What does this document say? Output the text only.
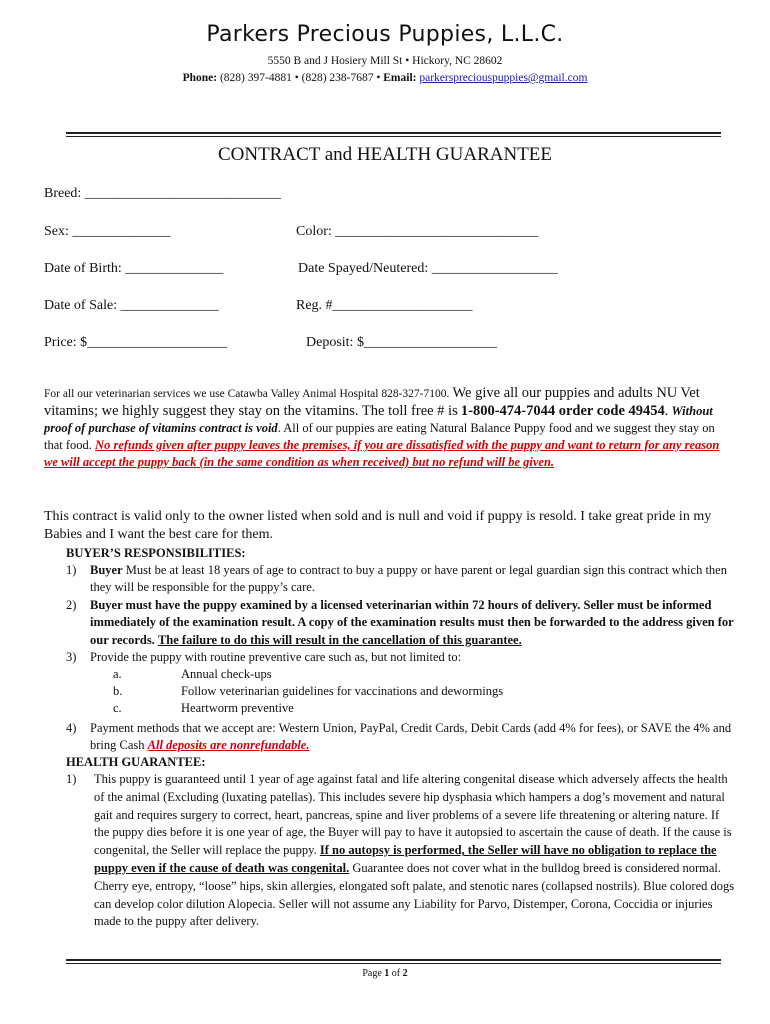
Parkers Precious Puppies, L.L.C.
5550 B and J Hosiery Mill St • Hickory, NC 28602
Phone: (828) 397-4881 • (828) 238-7687 • Email: parkerspreciouspuppies@gmail.com
CONTRACT and HEALTH GUARANTEE
Breed: ____________________________
Sex: ______________	Color: _____________________________
Date of Birth: ______________	Date Spayed/Neutered: __________________
Date of Sale: ______________	Reg. #____________________
Price: $____________________	Deposit: $___________________
For all our veterinarian services we use Catawba Valley Animal Hospital 828-327-7100. We give all our puppies and adults NU Vet vitamins; we highly suggest they stay on the vitamins. The toll free # is 1-800-474-7044 order code 49454. Without proof of purchase of vitamins contract is void. All of our puppies are eating Natural Balance Puppy food and we suggest they stay on that food. No refunds given after puppy leaves the premises, if you are dissatisfied with the puppy and want to return for any reason we will accept the puppy back (in the same condition as when received) but no refund will be given.
This contract is valid only to the owner listed when sold and is null and void if puppy is resold. I take great pride in my Babies and I want the best care for them.
BUYER’S RESPONSIBILITIES:
1) Buyer Must be at least 18 years of age to contract to buy a puppy or have parent or legal guardian sign this contract which then they will be responsible for the puppy’s care.
2) Buyer must have the puppy examined by a licensed veterinarian within 72 hours of delivery. Seller must be informed immediately of the examination result. A copy of the examination results must then be forwarded to the address given for our records. The failure to do this will result in the cancellation of this guarantee.
3) Provide the puppy with routine preventive care such as, but not limited to:
a.	Annual check-ups
b.	Follow veterinarian guidelines for vaccinations and dewormings
c.	Heartworm preventive
4) Payment methods that we accept are: Western Union, PayPal, Credit Cards, Debit Cards (add 4% for fees), or SAVE the 4% and bring Cash All deposits are nonrefundable.
HEALTH GUARANTEE:
1) This puppy is guaranteed until 1 year of age against fatal and life altering congenital disease which adversely affects the health of the animal (Excluding (luxating patellas). This includes severe hip dysphasia which hampers a dog’s movement and natural gait and requires surgery to correct, heart, pancreas, spine and liver problems of a severe life threatening or altering nature. If the puppy dies before it is one year of age, the Buyer will pay to have it autopsied to ascertain the cause of death. If the cause is congenital, the Seller will replace the puppy. If no autopsy is performed, the Seller will have no obligation to replace the puppy even if the cause of death was congenital. Guarantee does not cover what in the bulldog breed is considered normal. Cherry eye, entropy, “loose” hips, skin allergies, elongated soft palate, and stenotic nares (collapsed nostrils). Blue colored dogs can develop color dilution Alopecia. Seller will not assume any Liability for Parvo, Distemper, Corona, Coccidia or injuries made to the puppy after delivery.
Page 1 of 2
